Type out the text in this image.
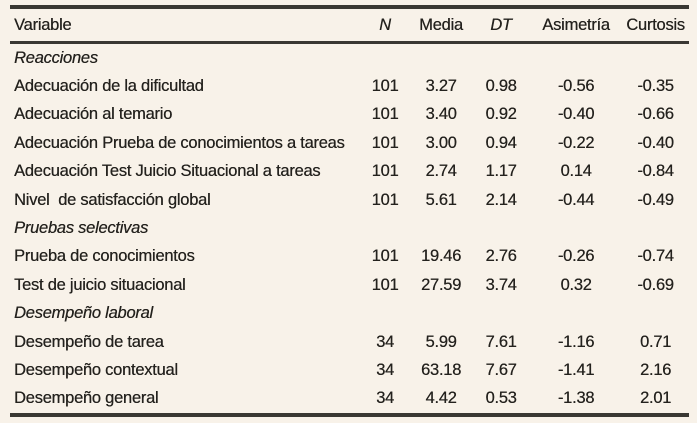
Variable	N	Media	DT	Asimetría	Curtosis
Reacciones					
Adecuación de la dificultad	101	3.27	0.98	-0.56	-0.35
Adecuación al temario	101	3.40	0.92	-0.40	-0.66
Adecuación Prueba de conocimientos a tareas	101	3.00	0.94	-0.22	-0.40
Adecuación Test Juicio Situacional a tareas	101	2.74	1.17	0.14	-0.84
Nivel  de satisfacción global	101	5.61	2.14	-0.44	-0.49
Pruebas selectivas					
Prueba de conocimientos	101	19.46	2.76	-0.26	-0.74
Test de juicio situacional	101	27.59	3.74	0.32	-0.69
Desempeño laboral					
Desempeño de tarea	34	5.99	7.61	-1.16	0.71
Desempeño contextual	34	63.18	7.67	-1.41	2.16
Desempeño general	34	4.42	0.53	-1.38	2.01
